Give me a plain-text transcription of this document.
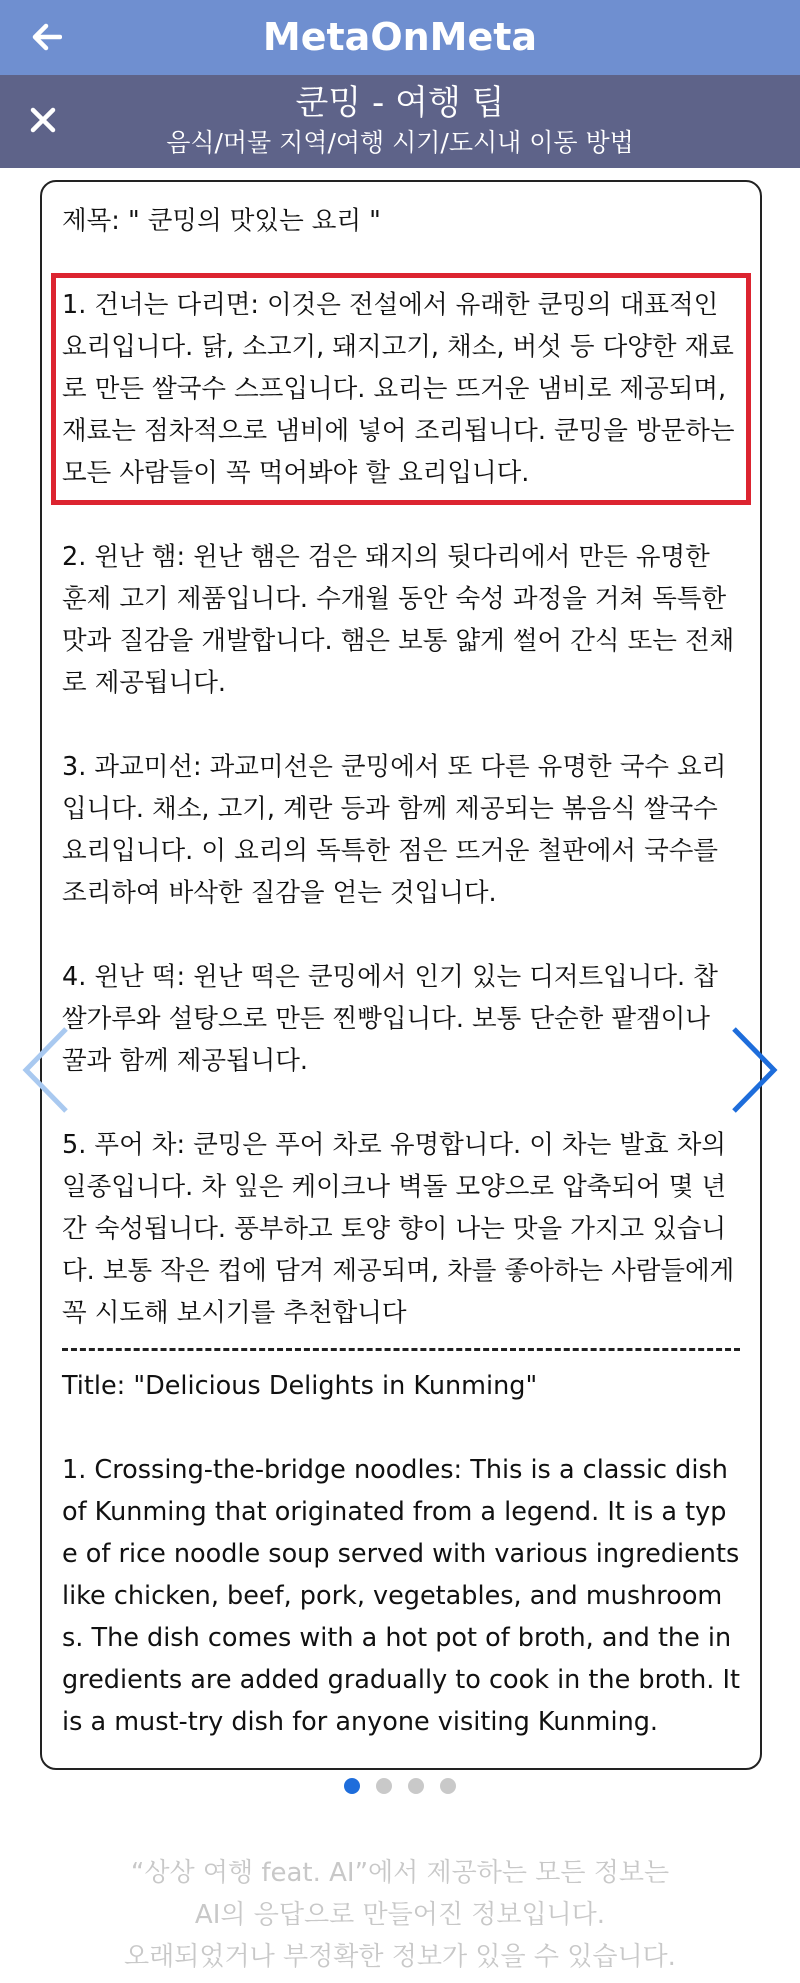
MetaOnMeta
쿤밍 - 여행 팁
음식/머물 지역/여행 시기/도시내 이동 방법

제목: " 쿤밍의 맛있는 요리 "

1. 건너는 다리면: 이것은 전설에서 유래한 쿤밍의 대표적인 요리입니다. 닭, 소고기, 돼지고기, 채소, 버섯 등 다양한 재료로 만든 쌀국수 스프입니다. 요리는 뜨거운 냄비로 제공되며, 재료는 점차적으로 냄비에 넣어 조리됩니다. 쿤밍을 방문하는 모든 사람들이 꼭 먹어봐야 할 요리입니다.

2. 윈난 햄: 윈난 햄은 검은 돼지의 뒷다리에서 만든 유명한 훈제 고기 제품입니다. 수개월 동안 숙성 과정을 거쳐 독특한 맛과 질감을 개발합니다. 햄은 보통 얇게 썰어 간식 또는 전채로 제공됩니다.

3. 과교미선: 과교미선은 쿤밍에서 또 다른 유명한 국수 요리입니다. 채소, 고기, 계란 등과 함께 제공되는 볶음식 쌀국수 요리입니다. 이 요리의 독특한 점은 뜨거운 철판에서 국수를 조리하여 바삭한 질감을 얻는 것입니다.

4. 윈난 떡: 윈난 떡은 쿤밍에서 인기 있는 디저트입니다. 찹쌀가루와 설탕으로 만든 찐빵입니다. 보통 단순한 팥잼이나 꿀과 함께 제공됩니다.

5. 푸어 차: 쿤밍은 푸어 차로 유명합니다. 이 차는 발효 차의 일종입니다. 차 잎은 케이크나 벽돌 모양으로 압축되어 몇 년간 숙성됩니다. 풍부하고 토양 향이 나는 맛을 가지고 있습니다. 보통 작은 컵에 담겨 제공되며, 차를 좋아하는 사람들에게 꼭 시도해 보시기를 추천합니다

Title: "Delicious Delights in Kunming"

1. Crossing-the-bridge noodles: This is a classic dish of Kunming that originated from a legend. It is a type of rice noodle soup served with various ingredients like chicken, beef, pork, vegetables, and mushrooms. The dish comes with a hot pot of broth, and the ingredients are added gradually to cook in the broth. It is a must-try dish for anyone visiting Kunming.

“상상 여행 feat. AI”에서 제공하는 모든 정보는
AI의 응답으로 만들어진 정보입니다.
오래되었거나 부정확한 정보가 있을 수 있습니다.
